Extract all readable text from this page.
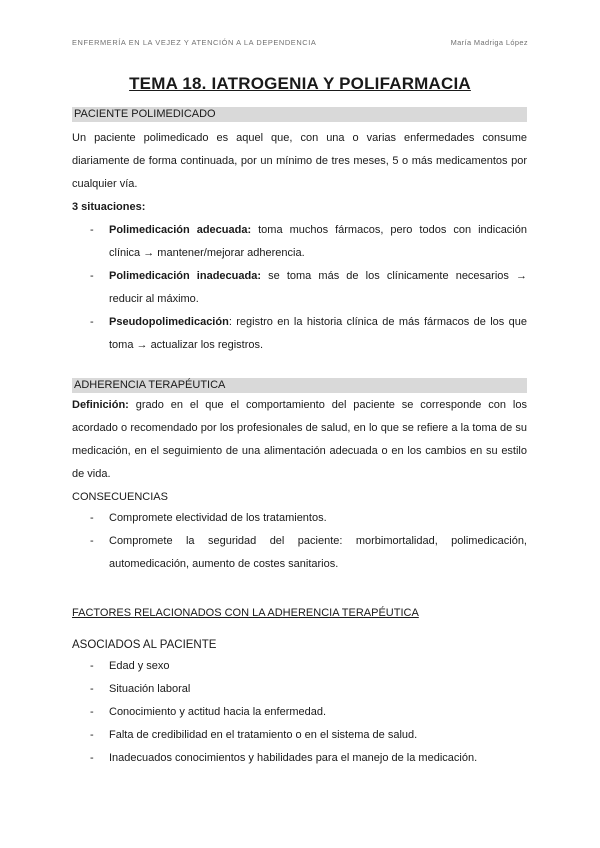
ENFERMERÍA EN LA VEJEZ Y ATENCIÓN A LA DEPENDENCIA	María Madriga López
TEMA 18. IATROGENIA Y POLIFARMACIA
PACIENTE POLIMEDICADO

Un paciente polimedicado es aquel que, con una o varias enfermedades consume diariamente de forma continuada, por un mínimo de tres meses, 5 o más medicamentos por cualquier vía.

3 situaciones:
- Polimedicación adecuada: toma muchos fármacos, pero todos con indicación clínica → mantener/mejorar adherencia.
- Polimedicación inadecuada: se toma más de los clínicamente necesarios → reducir al máximo.
- Pseudopolimedicación: registro en la historia clínica de más fármacos de los que toma → actualizar los registros.
ADHERENCIA TERAPÉUTICA

Definición: grado en el que el comportamiento del paciente se corresponde con los acordado o recomendado por los profesionales de salud, en lo que se refiere a la toma de su medicación, en el seguimiento de una alimentación adecuada o en los cambios en su estilo de vida.

CONSECUENCIAS
- Compromete electividad de los tratamientos.
- Compromete la seguridad del paciente: morbimortalidad, polimedicación, automedicación, aumento de costes sanitarios.
FACTORES RELACIONADOS CON LA ADHERENCIA TERAPÉUTICA
ASOCIADOS AL PACIENTE
- Edad y sexo
- Situación laboral
- Conocimiento y actitud hacia la enfermedad.
- Falta de credibilidad en el tratamiento o en el sistema de salud.
- Inadecuados conocimientos y habilidades para el manejo de la medicación.
